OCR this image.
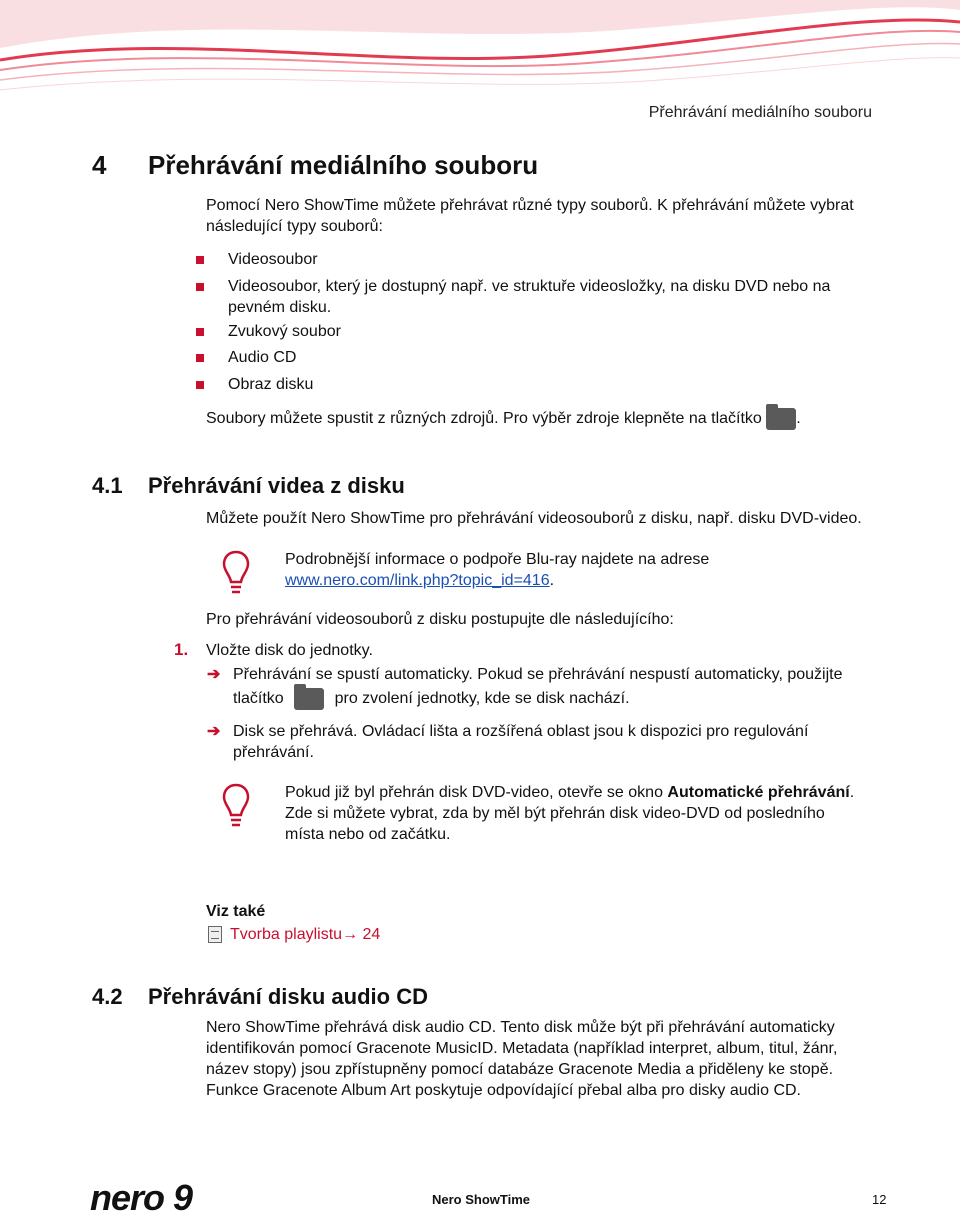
Přehrávání mediálního souboru
4 Přehrávání mediálního souboru
Pomocí Nero ShowTime můžete přehrávat různé typy souborů. K přehrávání můžete vybrat následující typy souborů:
Videosoubor
Videosoubor, který je dostupný např. ve struktuře videosložky, na disku DVD nebo na pevném disku.
Zvukový soubor
Audio CD
Obraz disku
Soubory můžete spustit z různých zdrojů. Pro výběr zdroje klepněte na tlačítko .
4.1 Přehrávání videa z disku
Můžete použít Nero ShowTime pro přehrávání videosouborů z disku, např. disku DVD-video.
Podrobnější informace o podpoře Blu-ray najdete na adrese
www.nero.com/link.php?topic_id=416.
Pro přehrávání videosouborů z disku postupujte dle následujícího:
1. Vložte disk do jednotky.
➔ Přehrávání se spustí automaticky. Pokud se přehrávání nespustí automaticky, použijte
tlačítko	pro zvolení jednotky, kde se disk nachází.
➔ Disk se přehrává. Ovládací lišta a rozšířená oblast jsou k dispozici pro regulování přehrávání.
Pokud již byl přehrán disk DVD-video, otevře se okno Automatické přehrávání. Zde si můžete vybrat, zda by měl být přehrán disk video-DVD od posledního místa nebo od začátku.
Viz také
Tvorba playlistu→ 24
4.2 Přehrávání disku audio CD
Nero ShowTime přehrává disk audio CD. Tento disk může být při přehrávání automaticky identifikován pomocí Gracenote MusicID. Metadata (například interpret, album, titul, žánr, název stopy) jsou zpřístupněny pomocí databáze Gracenote Media a přiděleny ke stopě. Funkce Gracenote Album Art poskytuje odpovídající přebal alba pro disky audio CD.
nero 9	Nero ShowTime	12
